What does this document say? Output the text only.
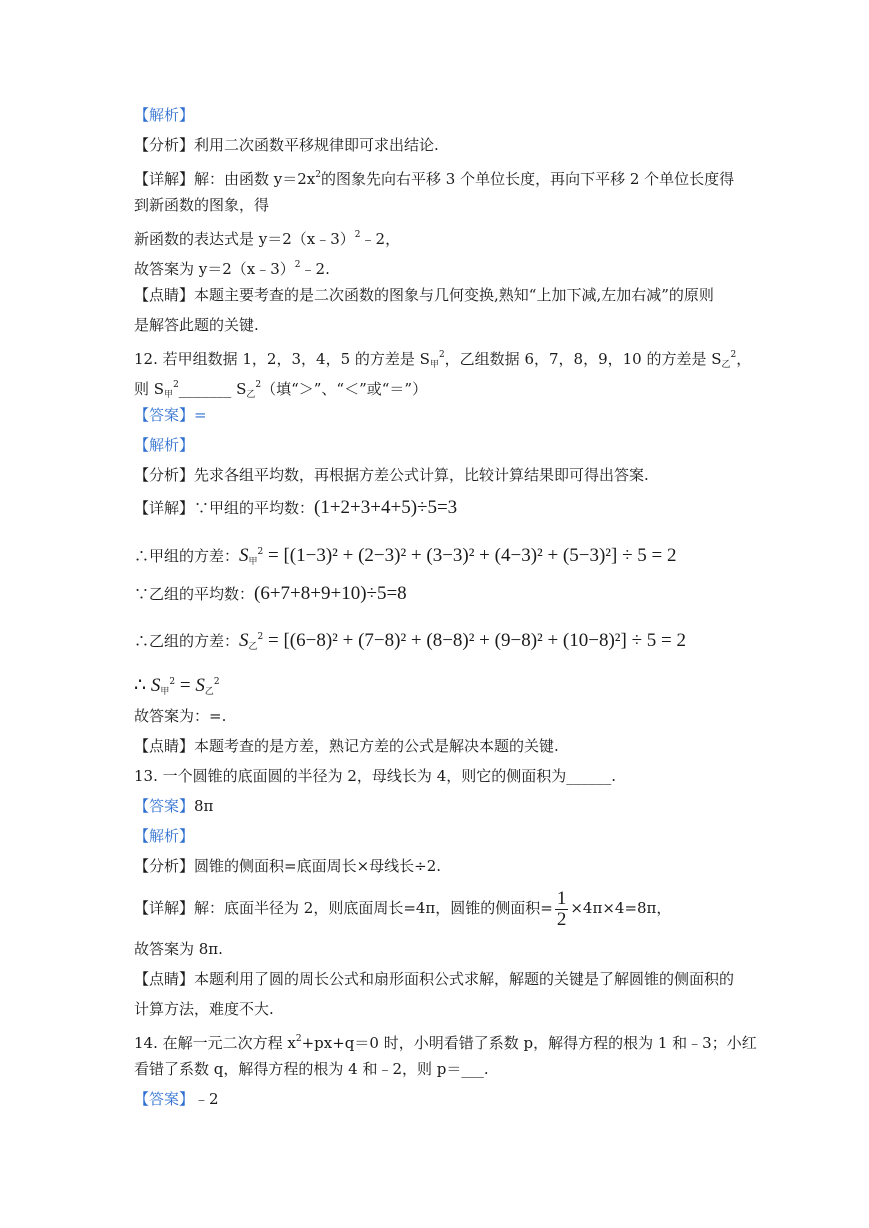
【解析】
【分析】利用二次函数平移规律即可求出结论.
【详解】解：由函数 $y=2x^2$的图象先向右平移 3 个单位长度，再向下平移 2 个单位长度得
到新函数的图象，得
新函数的表达式是 y＝2（x﹣3）$^2$﹣2，
故答案为 y＝2（x﹣3）$^2$﹣2.
【点睛】本题主要考查的是二次函数的图象与几何变换,熟知“上加下减,左加右减”的原则
是解答此题的关键.
12. 若甲组数据 1，2，3，4，5 的方差是 $S_甲^2$，乙组数据 6，7，8，9，10 的方差是 $S_乙^2$，
则 $S_甲^2\_\_\_\_\_\_\_$ $S_乙^2$（填“＞”、“＜”或“＝”）
【答案】=
【解析】
【分析】先求各组平均数，再根据方差公式计算，比较计算结果即可得出答案.
【详解】∵甲组的平均数：(1+2+3+4+5)÷5=3
∴甲组的方差：$S_甲^2 = [(1-3)^2 + (2-3)^2 + (3-3)^2 + (4-3)^2 + (5-3)^2] \div 5 = 2$
∵乙组的平均数：(6+7+8+9+10)÷5=8
∴乙组的方差：$S_乙^2 = [(6-8)^2 + (7-8)^2 + (8-8)^2 + (9-8)^2 + (10-8)^2] \div 5 = 2$
∴ $S_甲^2 = S_乙^2$
故答案为：=.
【点睛】本题考查的是方差，熟记方差的公式是解决本题的关键.
13. 一个圆锥的底面圆的半径为 2，母线长为 4，则它的侧面积为______.
【答案】8π
【解析】
【分析】圆锥的侧面积=底面周长×母线长÷2.
【详解】解：底面半径为 2，则底面周长=4π，圆锥的侧面积= $\frac{1}{2} \times 4\pi\times 4=8\pi$，
故答案为 8π.
【点睛】本题利用了圆的周长公式和扇形面积公式求解，解题的关键是了解圆锥的侧面积的
计算方法，难度不大.
14. 在解一元二次方程 $x^2+px+q=0$ 时，小明看错了系数 p，解得方程的根为 1 和﹣3；小红
看错了系数 q，解得方程的根为 4 和﹣2，则 p＝___.
【答案】﹣2
